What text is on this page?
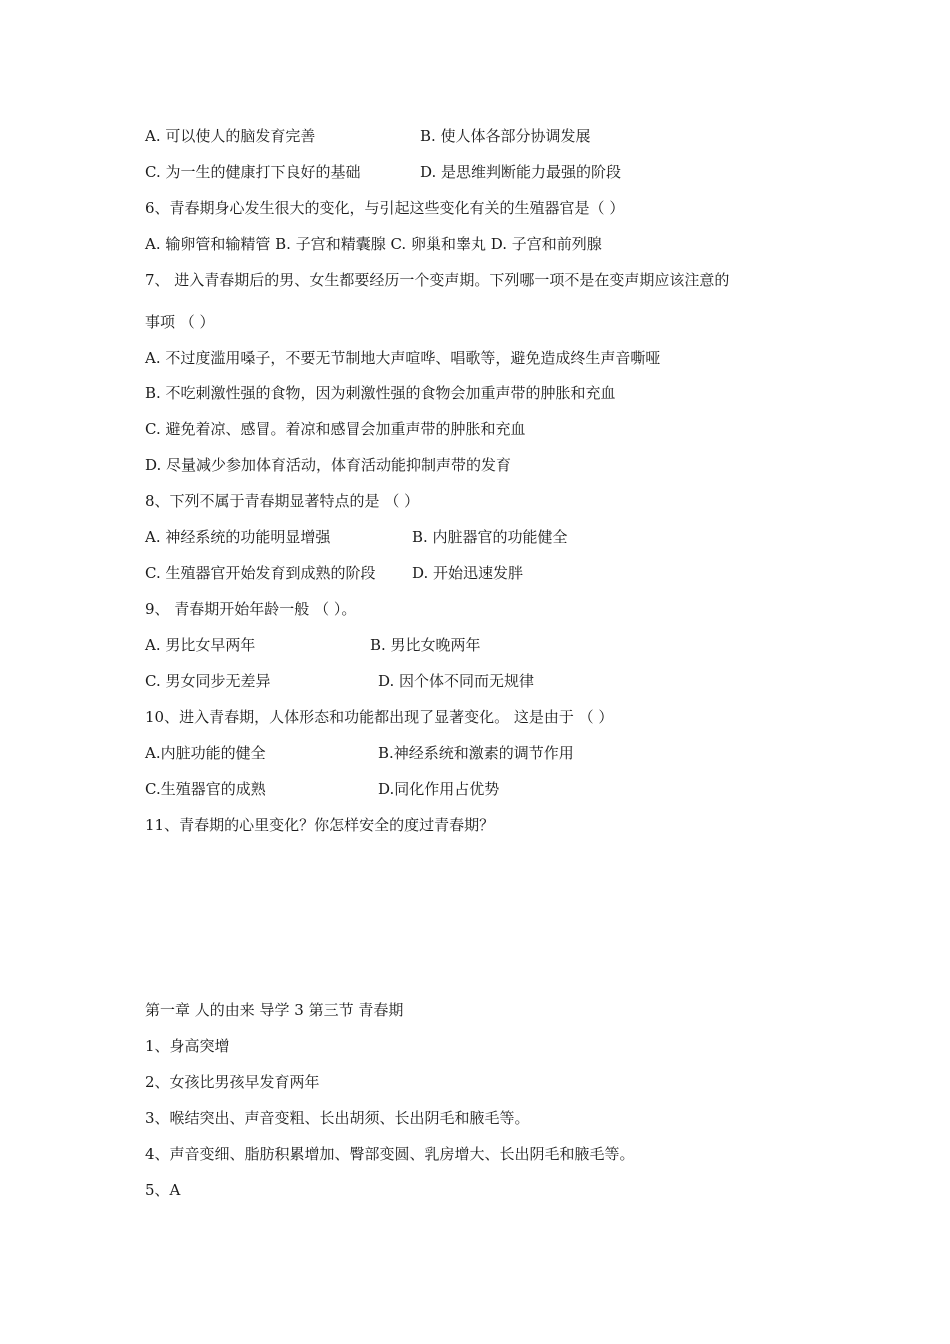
A. 可以使人的脑发育完善	B. 使人体各部分协调发展
C. 为一生的健康打下良好的基础	D. 是思维判断能力最强的阶段
6、青春期身心发生很大的变化，与引起这些变化有关的生殖器官是（ ）
A. 输卵管和输精管 B. 子宫和精囊腺 C. 卵巢和睾丸 D. 子宫和前列腺
7、 进入青春期后的男、女生都要经历一个变声期。下列哪一项不是在变声期应该注意的
事项 （ ）
A. 不过度滥用嗓子，不要无节制地大声喧哗、唱歌等，避免造成终生声音嘶哑
B. 不吃刺激性强的食物，因为刺激性强的食物会加重声带的肿胀和充血
C. 避免着凉、感冒。着凉和感冒会加重声带的肿胀和充血
D. 尽量减少参加体育活动，体育活动能抑制声带的发育
8、下列不属于青春期显著特点的是 （ ）
A. 神经系统的功能明显增强	B. 内脏器官的功能健全
C. 生殖器官开始发育到成熟的阶段 D. 开始迅速发胖
9、 青春期开始年龄一般 （ ）。
A. 男比女早两年	B. 男比女晚两年
C. 男女同步无差异	D. 因个体不同而无规律
10、进入青春期，人体形态和功能都出现了显著变化。 这是由于 （ ）
A.内脏功能的健全	B.神经系统和激素的调节作用
C.生殖器官的成熟	D.同化作用占优势
11、青春期的心里变化？你怎样安全的度过青春期？
第一章 人的由来 导学 3 第三节 青春期
1、身高突增
2、女孩比男孩早发育两年
3、喉结突出、声音变粗、长出胡须、长出阴毛和腋毛等。
4、声音变细、脂肪积累增加、臀部变圆、乳房增大、长出阴毛和腋毛等。
5、A
